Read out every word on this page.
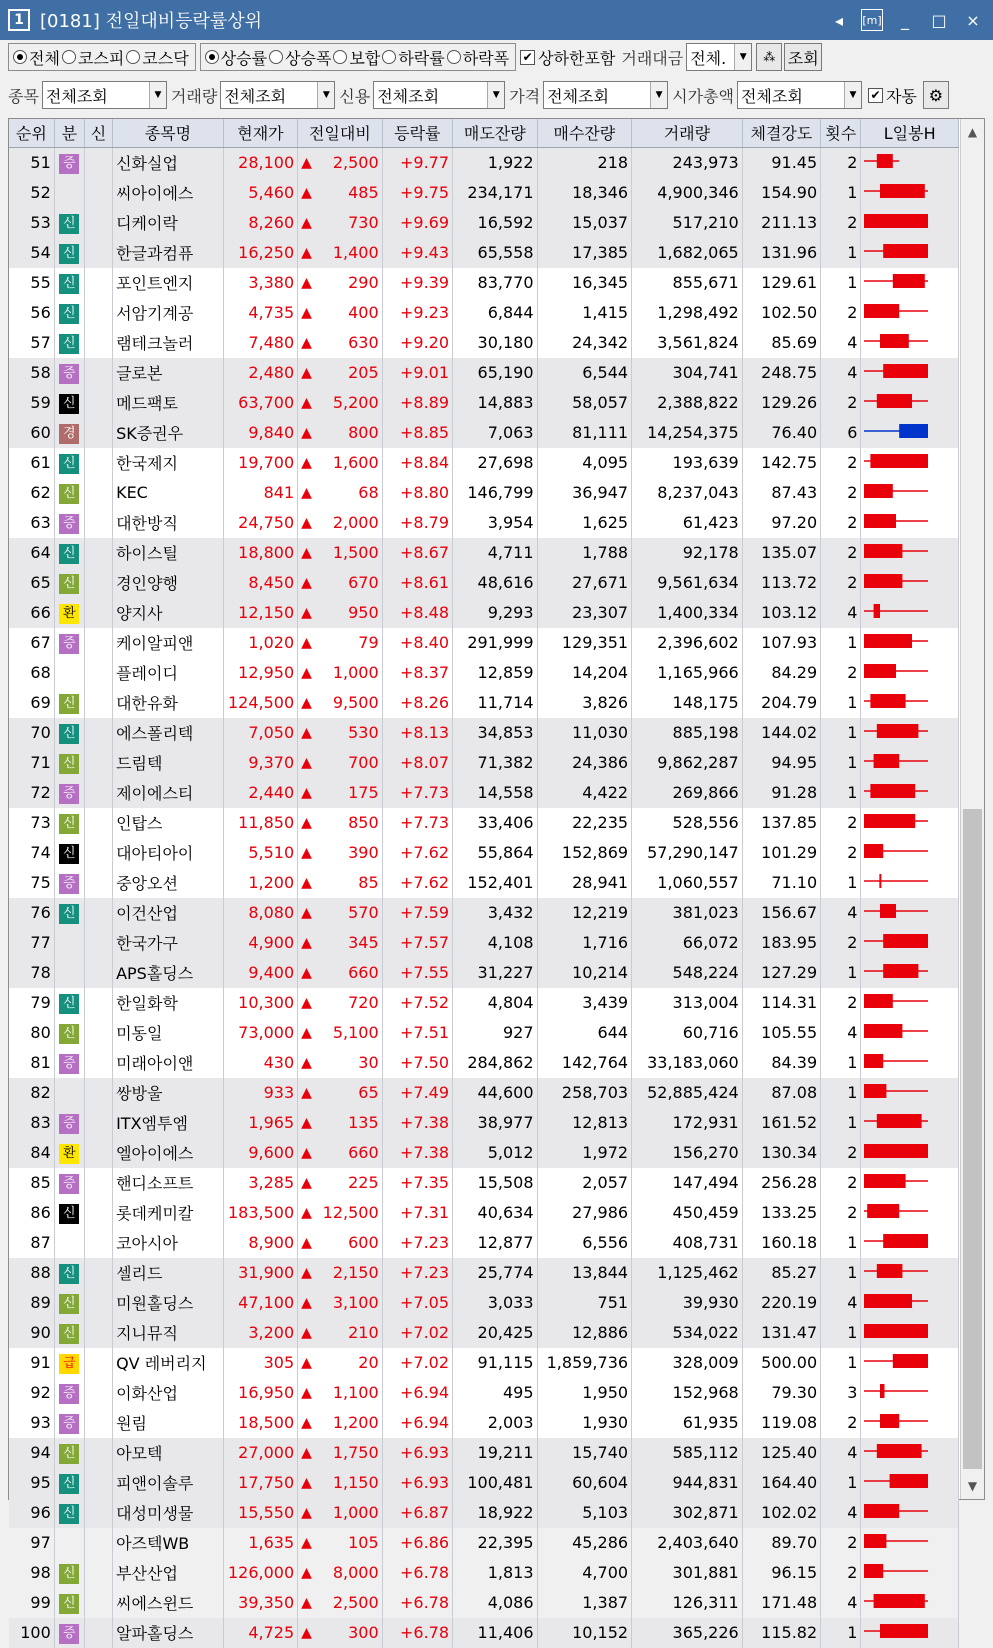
1 [0181] 전일대비등락률상위	◂	[m]	_	□	×
전체 코스피 코스닥 상승률 상승폭 보합 하락률 하락폭 ✔ 상하한포함 거래대금 전체.	▼	⁂ 조회
종목 전체조회	▼ 거래량 전체조회	▼ 신용 전체조회	▼ 가격 전체조회	▼ 시가총액 전체조회	▼	✔ 자동 ⚙
순위	분	신	종목명	현재가	전일대비	등락률	매도잔량	매수잔량	거래량	체결강도	횟수	L일봉H
51	증		신화실업	28,100	▲ 2,500	+9.77	1,922	218	243,973	91.45	2	
52			씨아이에스	5,460	▲ 485	+9.75	234,171	18,346	4,900,346	154.90	1	
53	신		디케이락	8,260	▲ 730	+9.69	16,592	15,037	517,210	211.13	2	
54	신		한글과컴퓨	16,250	▲ 1,400	+9.43	65,558	17,385	1,682,065	131.96	1	
55	신		포인트엔지	3,380	▲ 290	+9.39	83,770	16,345	855,671	129.61	1	
56	신		서암기계공	4,735	▲ 400	+9.23	6,844	1,415	1,298,492	102.50	2	
57	신		램테크놀러	7,480	▲ 630	+9.20	30,180	24,342	3,561,824	85.69	4	
58	증		글로본	2,480	▲ 205	+9.01	65,190	6,544	304,741	248.75	4	
59	신		메드팩토	63,700	▲ 5,200	+8.89	14,883	58,057	2,388,822	129.26	2	
60	경		SK증권우	9,840	▲ 800	+8.85	7,063	81,111	14,254,375	76.40	6	
61	신		한국제지	19,700	▲ 1,600	+8.84	27,698	4,095	193,639	142.75	2	
62	신		KEC	841	▲ 68	+8.80	146,799	36,947	8,237,043	87.43	2	
63	증		대한방직	24,750	▲ 2,000	+8.79	3,954	1,625	61,423	97.20	2	
64	신		하이스틸	18,800	▲ 1,500	+8.67	4,711	1,788	92,178	135.07	2	
65	신		경인양행	8,450	▲ 670	+8.61	48,616	27,671	9,561,634	113.72	2	
66	환		양지사	12,150	▲ 950	+8.48	9,293	23,307	1,400,334	103.12	4	
67	증		케이알피앤	1,020	▲ 79	+8.40	291,999	129,351	2,396,602	107.93	1	
68			플레이디	12,950	▲ 1,000	+8.37	12,859	14,204	1,165,966	84.29	2	
69	신		대한유화	124,500	▲ 9,500	+8.26	11,714	3,826	148,175	204.79	1	
70	신		에스폴리텍	7,050	▲ 530	+8.13	34,853	11,030	885,198	144.02	1	
71	신		드림텍	9,370	▲ 700	+8.07	71,382	24,386	9,862,287	94.95	1	
72	증		제이에스티	2,440	▲ 175	+7.73	14,558	4,422	269,866	91.28	1	
73	신		인탑스	11,850	▲ 850	+7.73	33,406	22,235	528,556	137.85	2	
74	신		대아티아이	5,510	▲ 390	+7.62	55,864	152,869	57,290,147	101.29	2	
75	증		중앙오션	1,200	▲ 85	+7.62	152,401	28,941	1,060,557	71.10	1	
76	신		이건산업	8,080	▲ 570	+7.59	3,432	12,219	381,023	156.67	4	
77			한국가구	4,900	▲ 345	+7.57	4,108	1,716	66,072	183.95	2	
78			APS홀딩스	9,400	▲ 660	+7.55	31,227	10,214	548,224	127.29	1	
79	신		한일화학	10,300	▲ 720	+7.52	4,804	3,439	313,004	114.31	2	
80	신		미동일	73,000	▲ 5,100	+7.51	927	644	60,716	105.55	4	
81	증		미래아이앤	430	▲ 30	+7.50	284,862	142,764	33,183,060	84.39	1	
82			쌍방울	933	▲ 65	+7.49	44,600	258,703	52,885,424	87.08	1	
83	증		ITX엠투엠	1,965	▲ 135	+7.38	38,977	12,813	172,931	161.52	1	
84	환		엘아이에스	9,600	▲ 660	+7.38	5,012	1,972	156,270	130.34	2	
85	증		핸디소프트	3,285	▲ 225	+7.35	15,508	2,057	147,494	256.28	2	
86	신		롯데케미칼	183,500	▲ 12,500	+7.31	40,634	27,986	450,459	133.25	2	
87			코아시아	8,900	▲ 600	+7.23	12,877	6,556	408,731	160.18	1	
88	신		셀리드	31,900	▲ 2,150	+7.23	25,774	13,844	1,125,462	85.27	1	
89	신		미원홀딩스	47,100	▲ 3,100	+7.05	3,033	751	39,930	220.19	4	
90	신		지니뮤직	3,200	▲ 210	+7.02	20,425	12,886	534,022	131.47	1	
91	급		QV 레버리지	305	▲ 20	+7.02	91,115	1,859,736	328,009	500.00	1	
92	증		이화산업	16,950	▲ 1,100	+6.94	495	1,950	152,968	79.30	3	
93	증		원림	18,500	▲ 1,200	+6.94	2,003	1,930	61,935	119.08	2	
94	신		아모텍	27,000	▲ 1,750	+6.93	19,211	15,740	585,112	125.40	4	
95	신		피앤이솔루	17,750	▲ 1,150	+6.93	100,481	60,604	944,831	164.40	1	
96	신		대성미생물	15,550	▲ 1,000	+6.87	18,922	5,103	302,871	102.02	4	
97			아즈텍WB	1,635	▲ 105	+6.86	22,395	45,286	2,403,640	89.70	2	
98	신		부산산업	126,000	▲ 8,000	+6.78	1,813	4,700	301,881	96.15	2	
99	신		씨에스윈드	39,350	▲ 2,500	+6.78	4,086	1,387	126,311	171.48	4	
100	증		알파홀딩스	4,725	▲ 300	+6.78	11,406	10,152	365,226	115.82	1	
▲
▼
